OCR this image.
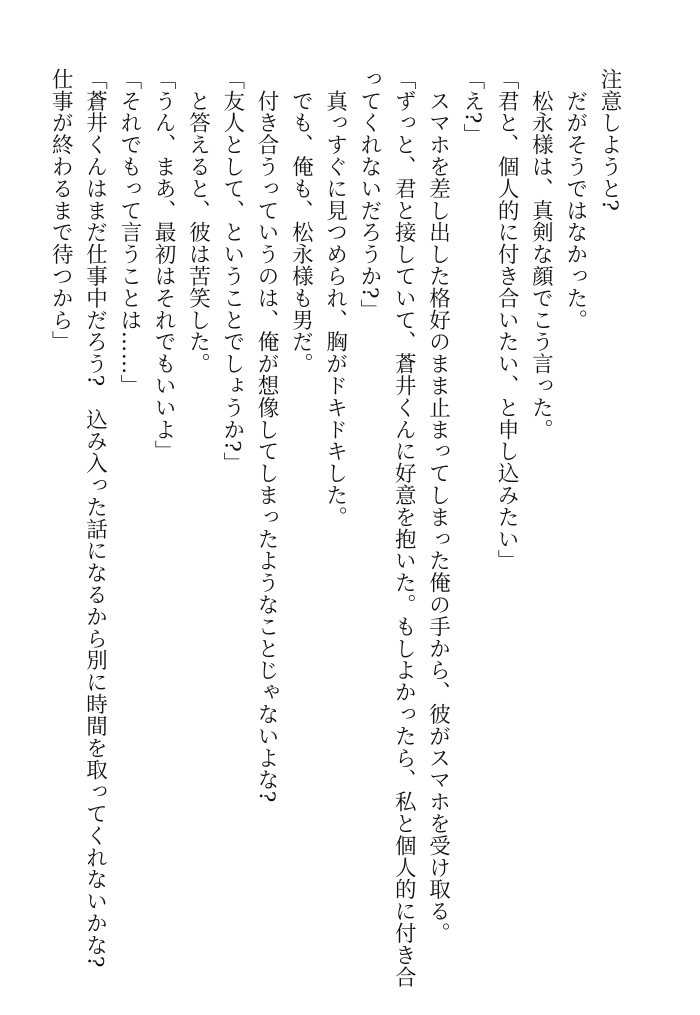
注意しようと?
　だがそうではなかった。
　松永様は、真剣な顔でこう言った。
「君と、個人的に付き合いたい、と申し込みたい」
「え?」
　スマホを差し出した格好のまま止まってしまった俺の手から、彼がスマホを受け取る。
「ずっと、君と接していて、蒼井くんに好意を抱いた。もしよかったら、私と個人的に付き合
ってくれないだろうか?」
　真っすぐに見つめられ、胸がドキドキした。
　でも、俺も、松永様も男だ。
　付き合うっていうのは、俺が想像してしまったようなことじゃないよな?
「友人として、ということでしょうか?」
　と答えると、彼は苦笑した。
「うん、まあ、最初はそれでもいいよ」
「それでもって言うことは……」
「蒼井くんはまだ仕事中だろう?　込み入った話になるから別に時間を取ってくれないかな?
仕事が終わるまで待つから」
